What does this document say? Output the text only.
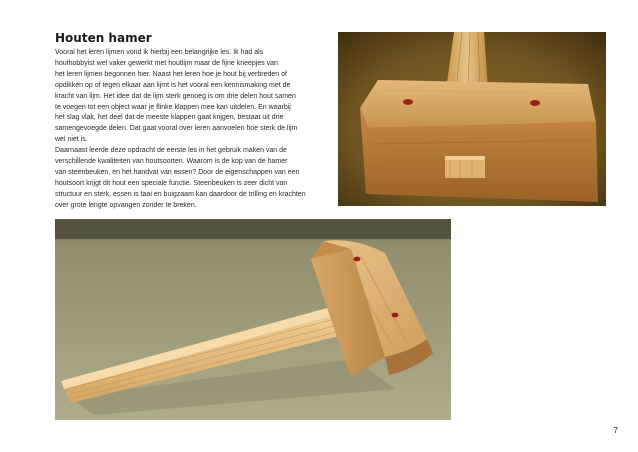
Houten hamer
Vooral het leren lijmen vond ik hierbij een belangrijke les. Ik had als
houthobbyist wel vaker gewerkt met houtlijm maar de fijne kneepjes van
het leren lijmen begonnen hier. Naast het leren hoe je hout bij verbreden of
opdikken op of tegen elkaar aan lijmt is het vooral een kennismaking met de
kracht van lijm. Het idee dat de lijm sterk genoeg is om drie delen hout samen
te voegen tot een object waar je flinke klappen mee kan uitdelen. En waarbij
het slag vlak, het deel dat de meeste klappen gaat krijgen, bestaat uit drie
samengevoegde delen. Dat gaat vooral over leren aanvoelen hoe sterk de lijm
wel niet is.
Daarnaast leerde deze opdracht de eerste les in het gebruik maken van de
verschillende kwaliteiten van houtsoorten. Waarom is de kop van de hamer
van steenbeuken, en het handvat van essen? Door de eigenschappen van een
houtsoort krijgt dit hout een speciale functie. Steenbeuken is zeer dicht van
structuur en sterk, essen is taai en buigzaam kan daardoor de trilling en krachten
over grote lengte opvangen zonder te breken.
7
